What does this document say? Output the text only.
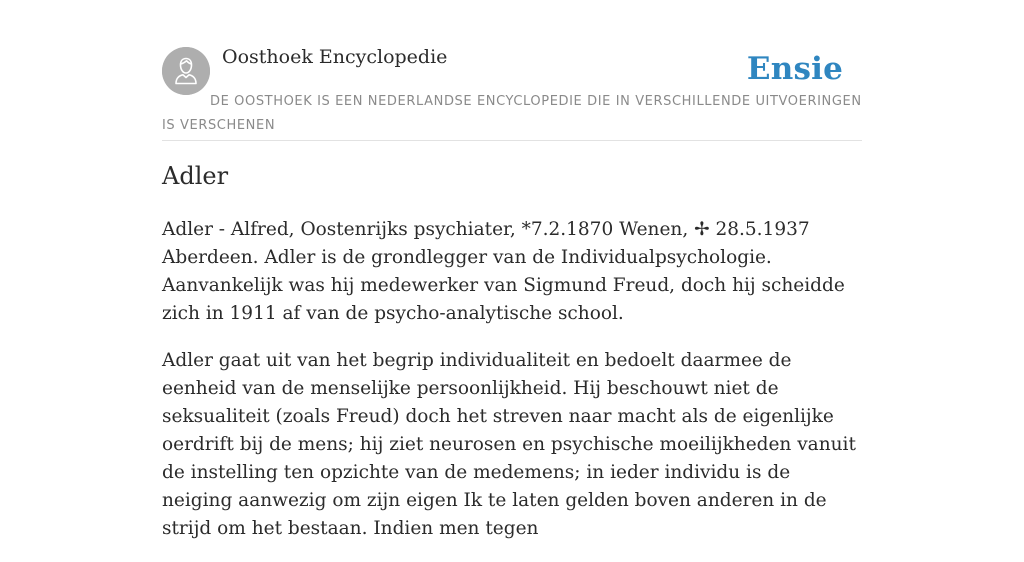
Oosthoek Encyclopedie	Ensie
DE OOSTHOEK IS EEN NEDERLANDSE ENCYCLOPEDIE DIE IN VERSCHILLENDE UITVOERINGEN IS VERSCHENEN
Adler

Adler - Alfred, Oostenrijks psychiater, *7.2.1870 Wenen, ✢ 28.5.1937 Aberdeen. Adler is de grondlegger van de Individualpsychologie. Aanvankelijk was hij medewerker van Sigmund Freud, doch hij scheidde zich in 1911 af van de psycho-analytische school.

Adler gaat uit van het begrip individualiteit en bedoelt daarmee de eenheid van de menselijke persoonlijkheid. Hij beschouwt niet de seksualiteit (zoals Freud) doch het streven naar macht als de eigenlijke oerdrift bij de mens; hij ziet neurosen en psychische moeilijkheden vanuit de instelling ten opzichte van de medemens; in ieder individu is de neiging aanwezig om zijn eigen Ik te laten gelden boven anderen in de strijd om het bestaan. Indien men tegen
